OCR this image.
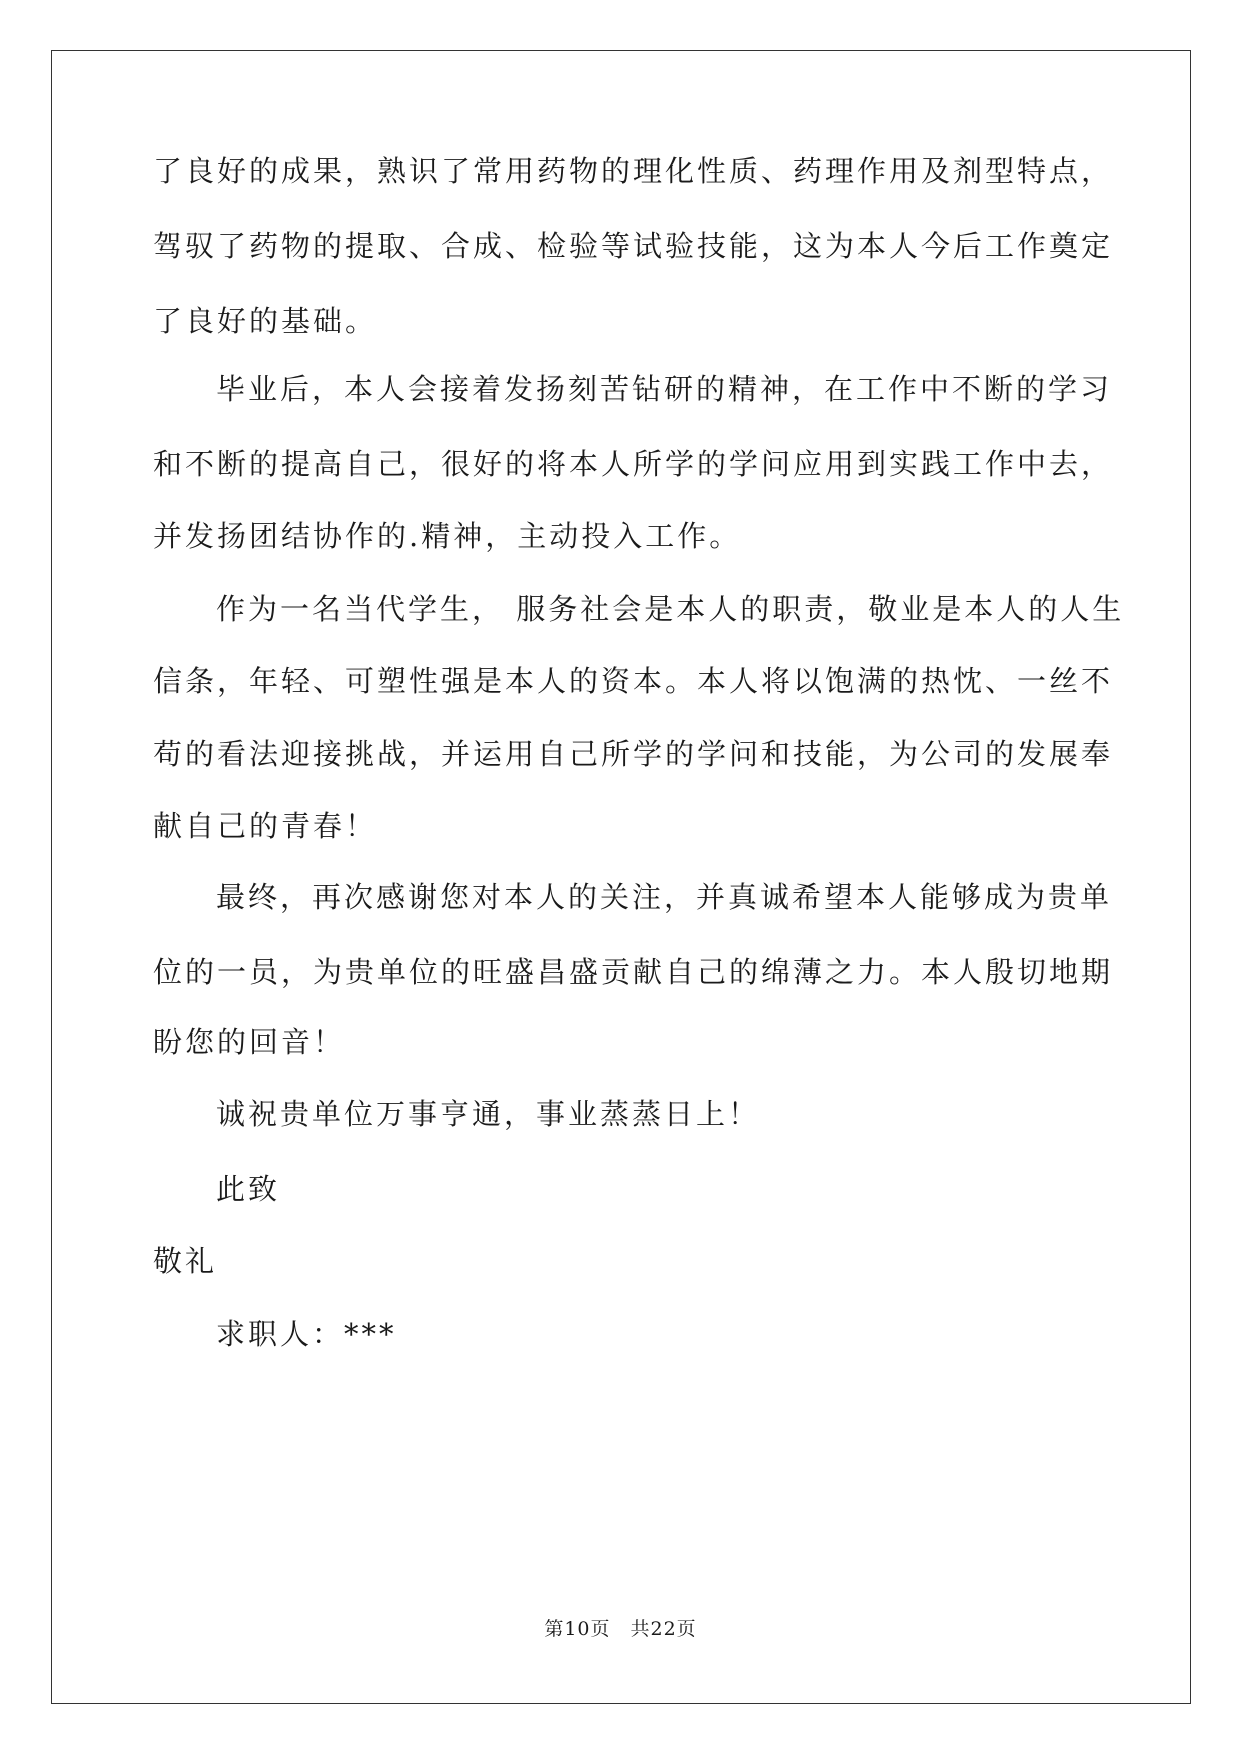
了良好的成果，熟识了常用药物的理化性质、药理作用及剂型特点，
驾驭了药物的提取、合成、检验等试验技能，这为本人今后工作奠定
了良好的基础。
毕业后，本人会接着发扬刻苦钻研的精神，在工作中不断的学习
和不断的提高自己，很好的将本人所学的学问应用到实践工作中去，
并发扬团结协作的.精神，主动投入工作。
作为一名当代学生， 服务社会是本人的职责，敬业是本人的人生
信条，年轻、可塑性强是本人的资本。本人将以饱满的热忱、一丝不
苟的看法迎接挑战，并运用自己所学的学问和技能，为公司的发展奉
献自己的青春！
最终，再次感谢您对本人的关注，并真诚希望本人能够成为贵单
位的一员，为贵单位的旺盛昌盛贡献自己的绵薄之力。本人殷切地期
盼您的回音！
诚祝贵单位万事亨通，事业蒸蒸日上！
此致
敬礼
求职人：***
第10页　共22页
